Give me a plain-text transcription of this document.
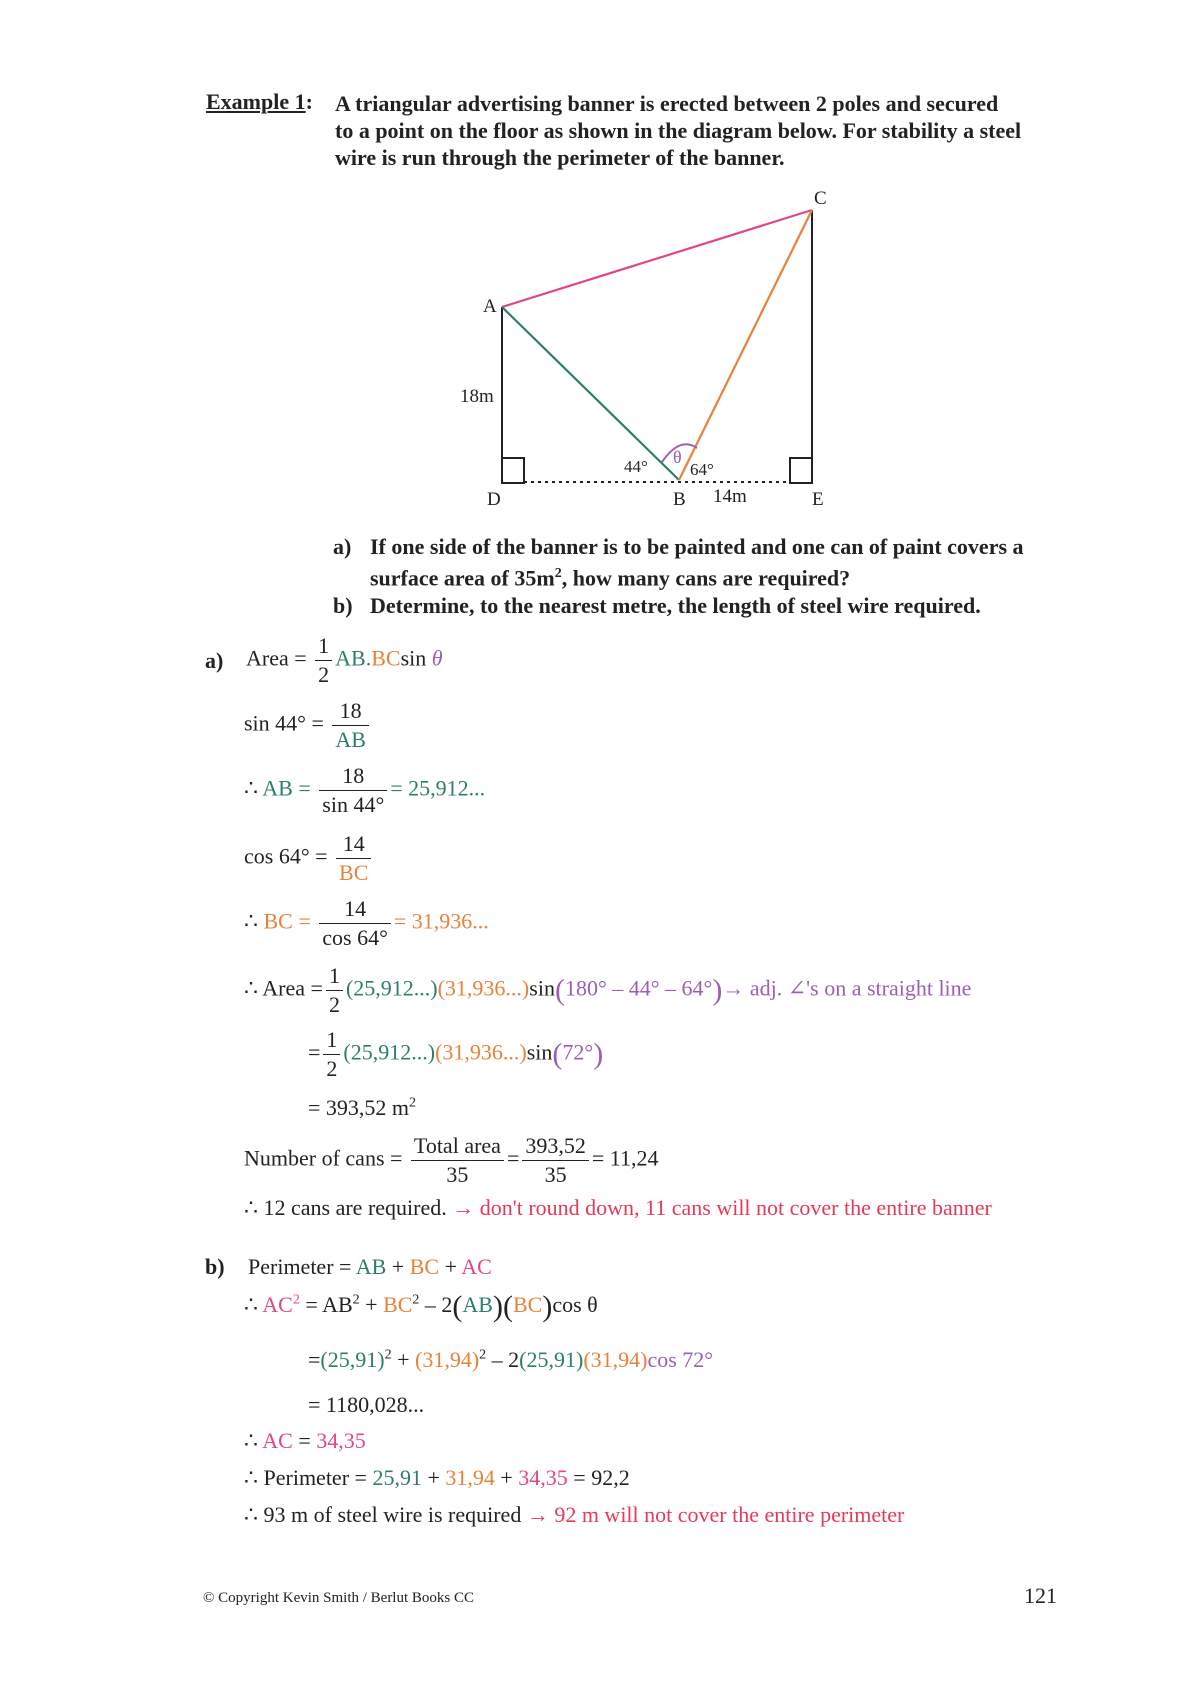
Example 1: A triangular advertising banner is erected between 2 poles and secured
to a point on the floor as shown in the diagram below. For stability a steel
wire is run through the perimeter of the banner.
A
C
D	B	E
18m
14m
44° θ
64°
a) If one side of the banner is to be painted and one can of paint covers a
surface area of $35m^2$, how many cans are required?
b) Determine, to the nearest metre, the length of steel wire required.
a) Area = $\frac{1}{2} AB.BCsin$ θ
$\sin 44^\circ = \frac{18}{AB}$
∴ AB = $\frac{18}{\sin 44^\circ} = 25,912$...
$\cos 64^\circ = \frac{14}{BC}$
∴ BC = $\frac{14}{\cos 64^\circ} = 31,936$...
∴ Area = $\frac{1}{2} (25,912...)(31,936...)\sin(180^\circ - 44^\circ - 64^\circ)\to$ adj. ∠'s on a straight line
= $\frac{1}{2} (25,912...)(31,936...)\sin(72^\circ)$
= 393,52 $m^2$
Number of cans = $\frac{\text{Total area}}{35} = \frac{393,52}{35} = 11,24$
∴ 12 cans are required. → don't round down, 11 cans will not cover the entire banner
b) Perimeter = AB + BC + AC
∴ $AC^2 = AB^2 + BC^2 - 2(AB)(BC)\cos$ θ
$=(25,91)^2 + (31,94)^2 - 2(25,91)(31,94)\cos$ 72°
= 1180,028...
∴ AC = 34,35
∴ Perimeter = 25,91 + 31,94 + 34,35 = 92,2
∴ 93 m of steel wire is required → 92 m will not cover the entire perimeter
© Copyright Kevin Smith / Berlut Books CC	121
